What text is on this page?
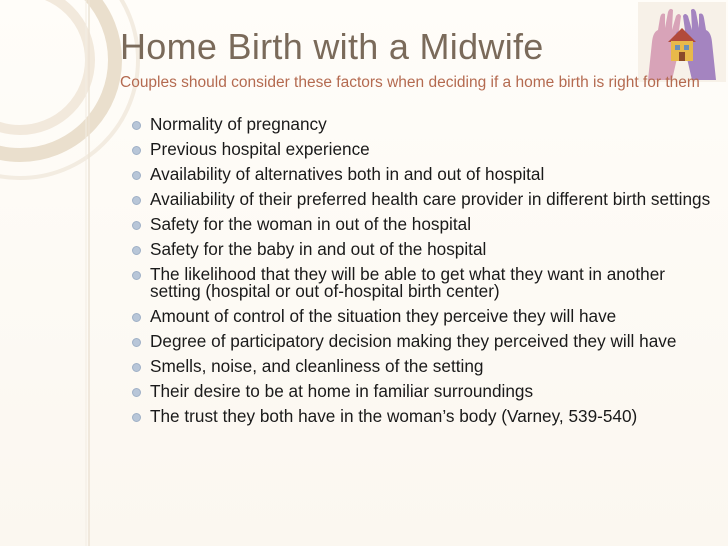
Home Birth with a Midwife

Couples should consider these factors when deciding if a home birth is right for them

Normality of pregnancy
Previous hospital experience
Availability of alternatives both in and out of hospital
Availiability of their preferred health care provider in different birth settings
Safety for the woman in out of the hospital
Safety for the baby in and out of the hospital
The likelihood that they will be able to get what they want in another setting (hospital or out of-hospital birth center)
Amount of control of the situation they perceive they will have
Degree of participatory decision making they perceived they will have
Smells, noise, and cleanliness of the setting
Their desire to be at home in familiar surroundings
The trust they both have in the woman’s body (Varney, 539-540)
